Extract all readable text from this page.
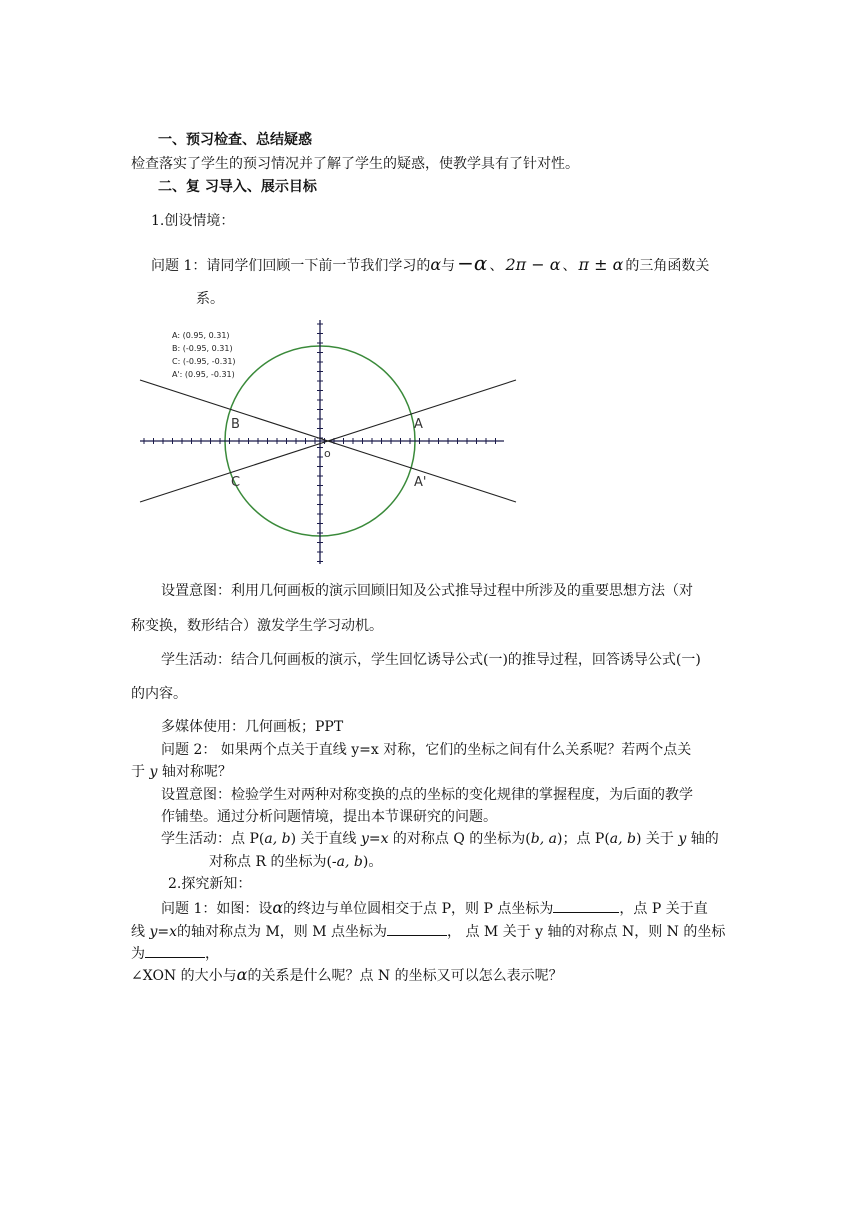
一、预习检查、总结疑惑
检查落实了学生的预习情况并了解了学生的疑惑，使教学具有了针对性。
二、复 习导入、展示目标
1.创设情境：
问题 1：请同学们回顾一下前一节我们学习的α与 −α 、 2π − α 、 π ± α 的三角函数关
系。
A: (0.95, 0.31)
B: (-0.95, 0.31)
C: (-0.95, -0.31)
A': (0.95, -0.31)
B	A
C	A'
o
设置意图：利用几何画板的演示回顾旧知及公式推导过程中所涉及的重要思想方法（对
称变换，数形结合）激发学生学习动机。
学生活动：结合几何画板的演示，学生回忆诱导公式(一)的推导过程，回答诱导公式(一)
的内容。
多媒体使用：几何画板；PPT
问题 2： 如果两个点关于直线 y=x 对称，它们的坐标之间有什么关系呢？若两个点关
于 y 轴对称呢？
设置意图：检验学生对两种对称变换的点的坐标的变化规律的掌握程度，为后面的教学
作铺垫。通过分析问题情境，提出本节课研究的问题。
学生活动：点 P(a, b) 关于直线 y=x 的对称点 Q 的坐标为(b, a)；点 P(a, b) 关于 y 轴的
对称点 R 的坐标为(-a, b)。
2.探究新知：
问题 1：如图：设α的终边与单位圆相交于点 P，则 P 点坐标为	，点 P 关于直
线 y=x的轴对称点为 M，则 M 点坐标为	， 点 M 关于 y 轴的对称点 N，则 N 的坐标
为	，
∠XON 的大小与α的关系是什么呢？点 N 的坐标又可以怎么表示呢？
